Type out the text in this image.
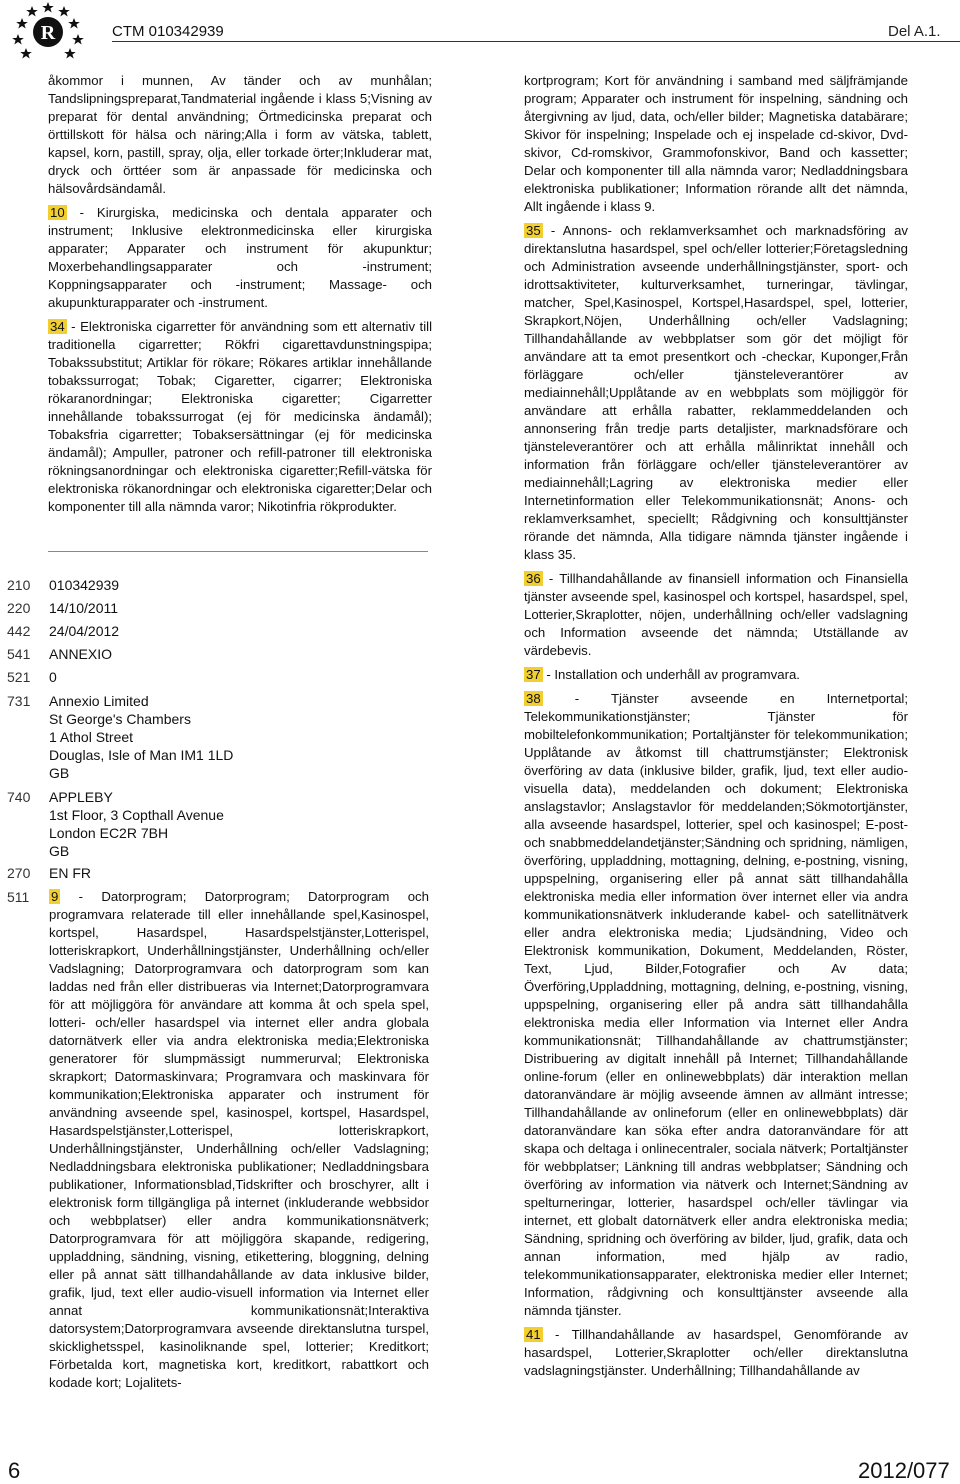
R	CTM 010342939	Del A.1.

åkommor i munnen, Av tänder och av munhålan; Tandslipningspreparat,Tandmaterial ingående i klass 5;Visning av preparat för dental användning; Örtmedicinska preparat och örttillskott för hälsa och näring;Alla i form av vätska, tablett, kapsel, korn, pastill, spray, olja, eller torkade örter;Inkluderar mat, dryck och örttéer som är anpassade för medicinska och hälsovårdsändamål.

10 - Kirurgiska, medicinska och dentala apparater och instrument; Inklusive elektronmedicinska eller kirurgiska apparater; Apparater och instrument för akupunktur; Moxerbehandlingsapparater och -instrument; Koppningsapparater och -instrument; Massage- och akupunkturapparater och -instrument.

34 - Elektroniska cigarretter för användning som ett alternativ till traditionella cigarretter; Rökfri cigarettavdunstningspipa; Tobakssubstitut; Artiklar för rökare; Rökares artiklar innehållande tobakssurrogat; Tobak; Cigaretter, cigarrer; Elektroniska rökaranordningar; Elektroniska cigaretter; Cigarretter innehållande tobakssurrogat (ej för medicinska ändamål); Tobaksfria cigarretter; Tobaksersättningar (ej för medicinska ändamål); Ampuller, patroner och refill-patroner till elektroniska rökningsanordningar och elektroniska cigaretter;Refill-vätska för elektroniska rökanordningar och elektroniska cigaretter;Delar och komponenter till alla nämnda varor; Nikotinfria rökprodukter.

210	010342939
220	14/10/2011
442	24/04/2012
541	ANNEXIO
521	0
731	Annexio Limited
St George's Chambers
1 Athol Street
Douglas, Isle of Man IM1 1LD
GB
740	APPLEBY
1st Floor, 3 Copthall Avenue
London EC2R 7BH
GB
270	EN FR
511	9 - Datorprogram; Datorprogram; Datorprogram och programvara relaterade till eller innehållande spel,Kasinospel, kortspel, Hasardspel, Hasardspelstjänster,Lotterispel, lotteriskrapkort, Underhållningstjänster, Underhållning och/eller Vadslagning; Datorprogramvara och datorprogram som kan laddas ned från eller distribueras via Internet;Datorprogramvara för att möjliggöra för användare att komma åt och spela spel, lotteri- och/eller hasardspel via internet eller andra globala datornätverk eller via andra elektroniska media;Elektroniska generatorer för slumpmässigt nummerurval; Elektroniska skrapkort; Datormaskinvara; Programvara och maskinvara för kommunikation;Elektroniska apparater och instrument för användning avseende spel, kasinospel, kortspel, Hasardspel, Hasardspelstjänster,Lotterispel, lotteriskrapkort, Underhållningstjänster, Underhållning och/eller Vadslagning; Nedladdningsbara elektroniska publikationer; Nedladdningsbara publikationer, Informationsblad,Tidskrifter och broschyrer, allt i elektronisk form tillgängliga på internet (inkluderande webbsidor och webbplatser) eller andra kommunikationsnätverk; Datorprogramvara för att möjliggöra skapande, redigering, uppladdning, sändning, visning, etikettering, bloggning, delning eller på annat sätt tillhandahållande av data inklusive bilder, grafik, ljud, text eller audio-visuell information via Internet eller annat kommunikationsnät;Interaktiva datorsystem;Datorprogramvara avseende direktanslutna turspel, skicklighetsspel, kasinoliknande spel, lotterier; Kreditkort; Förbetalda kort, magnetiska kort, kreditkort, rabattkort och kodade kort; Lojalitets-

kortprogram; Kort för användning i samband med säljfrämjande program; Apparater och instrument för inspelning, sändning och återgivning av ljud, data, och/eller bilder; Magnetiska databärare; Skivor för inspelning; Inspelade och ej inspelade cd-skivor, Dvd-skivor, Cd-romskivor, Grammofonskivor, Band och kassetter; Delar och komponenter till alla nämnda varor; Nedladdningsbara elektroniska publikationer; Information rörande allt det nämnda, Allt ingående i klass 9.

35 - Annons- och reklamverksamhet och marknadsföring av direktanslutna hasardspel, spel och/eller lotterier;Företagsledning och Administration avseende underhållningstjänster, sport- och idrottsaktiviteter, kulturverksamhet, turneringar, tävlingar, matcher, Spel,Kasinospel, Kortspel,Hasardspel, spel, lotterier, Skrapkort,Nöjen, Underhållning och/eller Vadslagning; Tillhandahållande av webbplatser som gör det möjligt för användare att ta emot presentkort och -checkar, Kuponger,Från förläggare och/eller tjänsteleverantörer av mediainnehåll;Upplåtande av en webbplats som möjliggör för användare att erhålla rabatter, reklammeddelanden och annonsering från tredje parts detaljister, marknadsförare och tjänsteleverantörer och att erhålla målinriktat innehåll och information från förläggare och/eller tjänsteleverantörer av mediainnehåll;Lagring av elektroniska medier eller Internetinformation eller Telekommunikationsnät; Anons- och reklamverksamhet, speciellt; Rådgivning och konsulttjänster rörande det nämnda, Alla tidigare nämnda tjänster ingående i klass 35.

36 - Tillhandahållande av finansiell information och Finansiella tjänster avseende spel, kasinospel och kortspel, hasardspel, spel, Lotterier,Skraplotter, nöjen, underhållning och/eller vadslagning och Information avseende det nämnda; Utställande av värdebevis.

37 - Installation och underhåll av programvara.

38 - Tjänster avseende en Internetportal; Telekommunikationstjänster; Tjänster för mobiltelefonkommunikation; Portaltjänster för telekommunikation; Upplåtande av åtkomst till chattrumstjänster; Elektronisk överföring av data (inklusive bilder, grafik, ljud, text eller audio-visuella data), meddelanden och dokument; Elektroniska anslagstavlor; Anslagstavlor för meddelanden;Sökmotortjänster, alla avseende hasardspel, lotterier, spel och kasinospel; E-post- och snabbmeddelandetjänster;Sändning och spridning, nämligen, överföring, uppladdning, mottagning, delning, e-postning, visning, uppspelning, organisering eller på annat sätt tillhandahålla elektroniska media eller information över internet eller via andra kommunikationsnätverk inkluderande kabel- och satellitnätverk eller andra elektroniska media; Ljudsändning, Video och Elektronisk kommunikation, Dokument, Meddelanden, Röster, Text, Ljud, Bilder,Fotografier och Av data; Överföring,Uppladdning, mottagning, delning, e-postning, visning, uppspelning, organisering eller på andra sätt tillhandahålla elektroniska media eller Information via Internet eller Andra kommunikationsnät; Tillhandahållande av chattrumstjänster; Distribuering av digitalt innehåll på Internet; Tillhandahållande online-forum (eller en onlinewebbplats) där interaktion mellan datoranvändare är möjlig avseende ämnen av allmänt intresse; Tillhandahållande av onlineforum (eller en onlinewebbplats) där datoranvändare kan söka efter andra datoranvändare för att skapa och deltaga i onlinecentraler, sociala nätverk; Portaltjänster för webbplatser; Länkning till andras webbplatser; Sändning och överföring av information via nätverk och Internet;Sändning av spelturneringar, lotterier, hasardspel och/eller tävlingar via internet, ett globalt datornätverk eller andra elektroniska media; Sändning, spridning och överföring av bilder, ljud, grafik, data och annan information, med hjälp av radio, telekommunikationsapparater, elektroniska medier eller Internet; Information, rådgivning och konsulttjänster avseende alla nämnda tjänster.

41 - Tillhandahållande av hasardspel, Genomförande av hasardspel, Lotterier,Skraplotter och/eller direktanslutna vadslagningstjänster. Underhållning; Tillhandahållande av

6	2012/077
